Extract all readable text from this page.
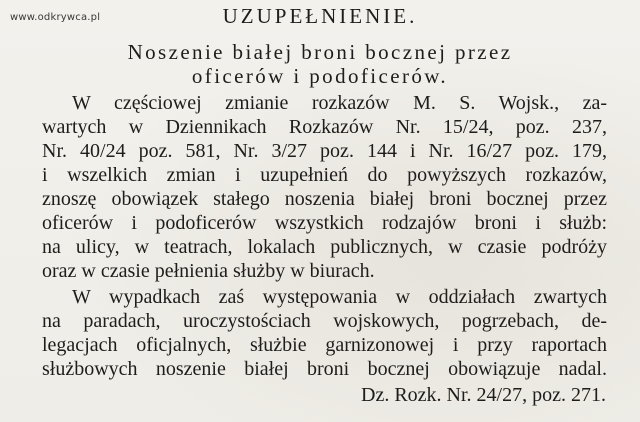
www.odkrywca.pl	UZUPEŁNIENIE.
Noszenie białej broni bocznej przez
oficerów i podoficerów.
W częściowej zmianie rozkazów M. S. Wojsk., za-
wartych w Dziennikach Rozkazów Nr. 15/24, poz. 237,
Nr. 40/24 poz. 581, Nr. 3/27 poz. 144 i Nr. 16/27 poz. 179,
i wszelkich zmian i uzupełnień do powyższych rozkazów,
znoszę obowiązek stałego noszenia białej broni bocznej przez
oficerów i podoficerów wszystkich rodzajów broni i służb:
na ulicy, w teatrach, lokalach publicznych, w czasie podróży
oraz w czasie pełnienia służby w biurach.
W wypadkach zaś występowania w oddziałach zwartych
na paradach, uroczystościach wojskowych, pogrzebach, de-
legacjach oficjalnych, służbie garnizonowej i przy raportach
służbowych noszenie białej broni bocznej obowiązuje nadal.
Dz. Rozk. Nr. 24/27, poz. 271.
